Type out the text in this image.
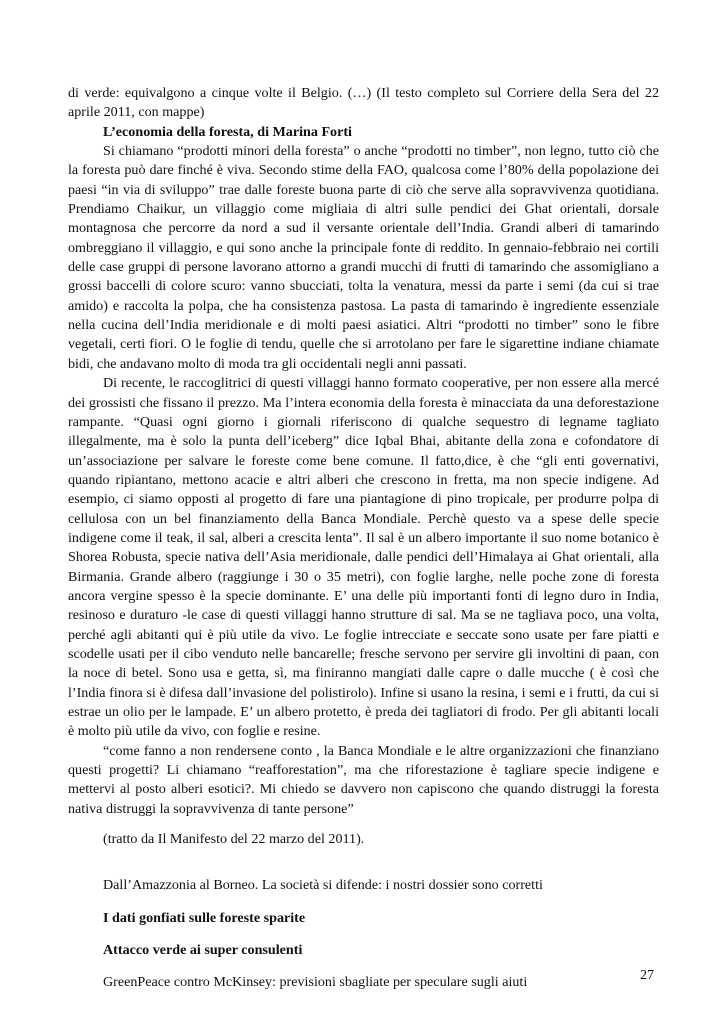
di verde: equivalgono a cinque volte il Belgio. (…) (Il testo completo sul Corriere della Sera del 22 aprile 2011, con mappe)

L’economia della foresta, di Marina Forti

Si chiamano “prodotti minori della foresta” o anche “prodotti no timber”, non legno, tutto ciò che la foresta può dare finché è viva. Secondo stime della FAO, qualcosa come l’80% della popolazione dei paesi “in via di sviluppo” trae dalle foreste buona parte di ciò che serve alla sopravvivenza quotidiana. Prendiamo Chaikur, un villaggio come migliaia di altri sulle pendici dei Ghat orientali, dorsale montagnosa che percorre da nord a sud il versante orientale dell’India. Grandi alberi di tamarindo ombreggiano il villaggio, e qui sono anche la principale fonte di reddito. In gennaio-febbraio nei cortili delle case gruppi di persone lavorano attorno a grandi mucchi di frutti di tamarindo che assomigliano a grossi baccelli di colore scuro: vanno sbucciati, tolta la venatura, messi da parte i semi (da cui si trae amido) e raccolta la polpa, che ha consistenza pastosa. La pasta di tamarindo è ingrediente essenziale nella cucina dell’India meridionale e di molti paesi asiatici. Altri “prodotti no timber” sono le fibre vegetali, certi fiori. O le foglie di tendu, quelle che si arrotolano per fare le sigarettine indiane chiamate bidi, che andavano molto di moda tra gli occidentali negli anni passati.

Di recente, le raccoglitrici di questi villaggi hanno formato cooperative, per non essere alla mercé dei grossisti che fissano il prezzo. Ma l’intera economia della foresta è minacciata da una deforestazione rampante. “Quasi ogni giorno i giornali riferiscono di qualche sequestro di legname tagliato illegalmente, ma è solo la punta dell’iceberg” dice Iqbal Bhai, abitante della zona e cofondatore di un’associazione per salvare le foreste come bene comune. Il fatto,dice, è che “gli enti governativi, quando ripiantano, mettono acacie e altri alberi che crescono in fretta, ma non specie indigene. Ad esempio, ci siamo opposti al progetto di fare una piantagione di pino tropicale, per produrre polpa di cellulosa con un bel finanziamento della Banca Mondiale. Perchè questo va a spese delle specie indigene come il teak, il sal, alberi a crescita lenta”. Il sal è un albero importante il suo nome botanico è Shorea Robusta, specie nativa dell’Asia meridionale, dalle pendici dell’Himalaya ai Ghat orientali, alla Birmania. Grande albero (raggiunge i 30 o 35 metri), con foglie larghe, nelle poche zone di foresta ancora vergine spesso è la specie dominante. E’ una delle più importanti fonti di legno duro in India, resinoso e duraturo -le case di questi villaggi hanno strutture di sal. Ma se ne tagliava poco, una volta, perché agli abitanti qui è più utile da vivo. Le foglie intrecciate e seccate sono usate per fare piatti e scodelle usati per il cibo venduto nelle bancarelle; fresche servono per servire gli involtini di paan, con la noce di betel. Sono usa e getta, sì, ma finiranno mangiati dalle capre o dalle mucche ( è così che l’India finora si è difesa dall’invasione del polistirolo). Infine si usano la resina, i semi e i frutti, da cui si estrae un olio per le lampade. E’ un albero protetto, è preda dei tagliatori di frodo. Per gli abitanti locali è molto più utile da vivo, con foglie e resine.

“come fanno a non rendersene conto , la Banca Mondiale e le altre organizzazioni che finanziano questi progetti? Li chiamano “reafforestation”, ma che riforestazione è tagliare specie indigene e mettervi al posto alberi esotici?. Mi chiedo se davvero non capiscono che quando distruggi la foresta nativa distruggi la sopravvivenza di tante persone”

(tratto da Il Manifesto del 22 marzo del 2011).

Dall’Amazzonia al Borneo. La società si difende: i nostri dossier sono corretti

I dati gonfiati sulle foreste sparite

Attacco verde ai super consulenti

GreenPeace contro McKinsey: previsioni sbagliate per speculare sugli aiuti	27
